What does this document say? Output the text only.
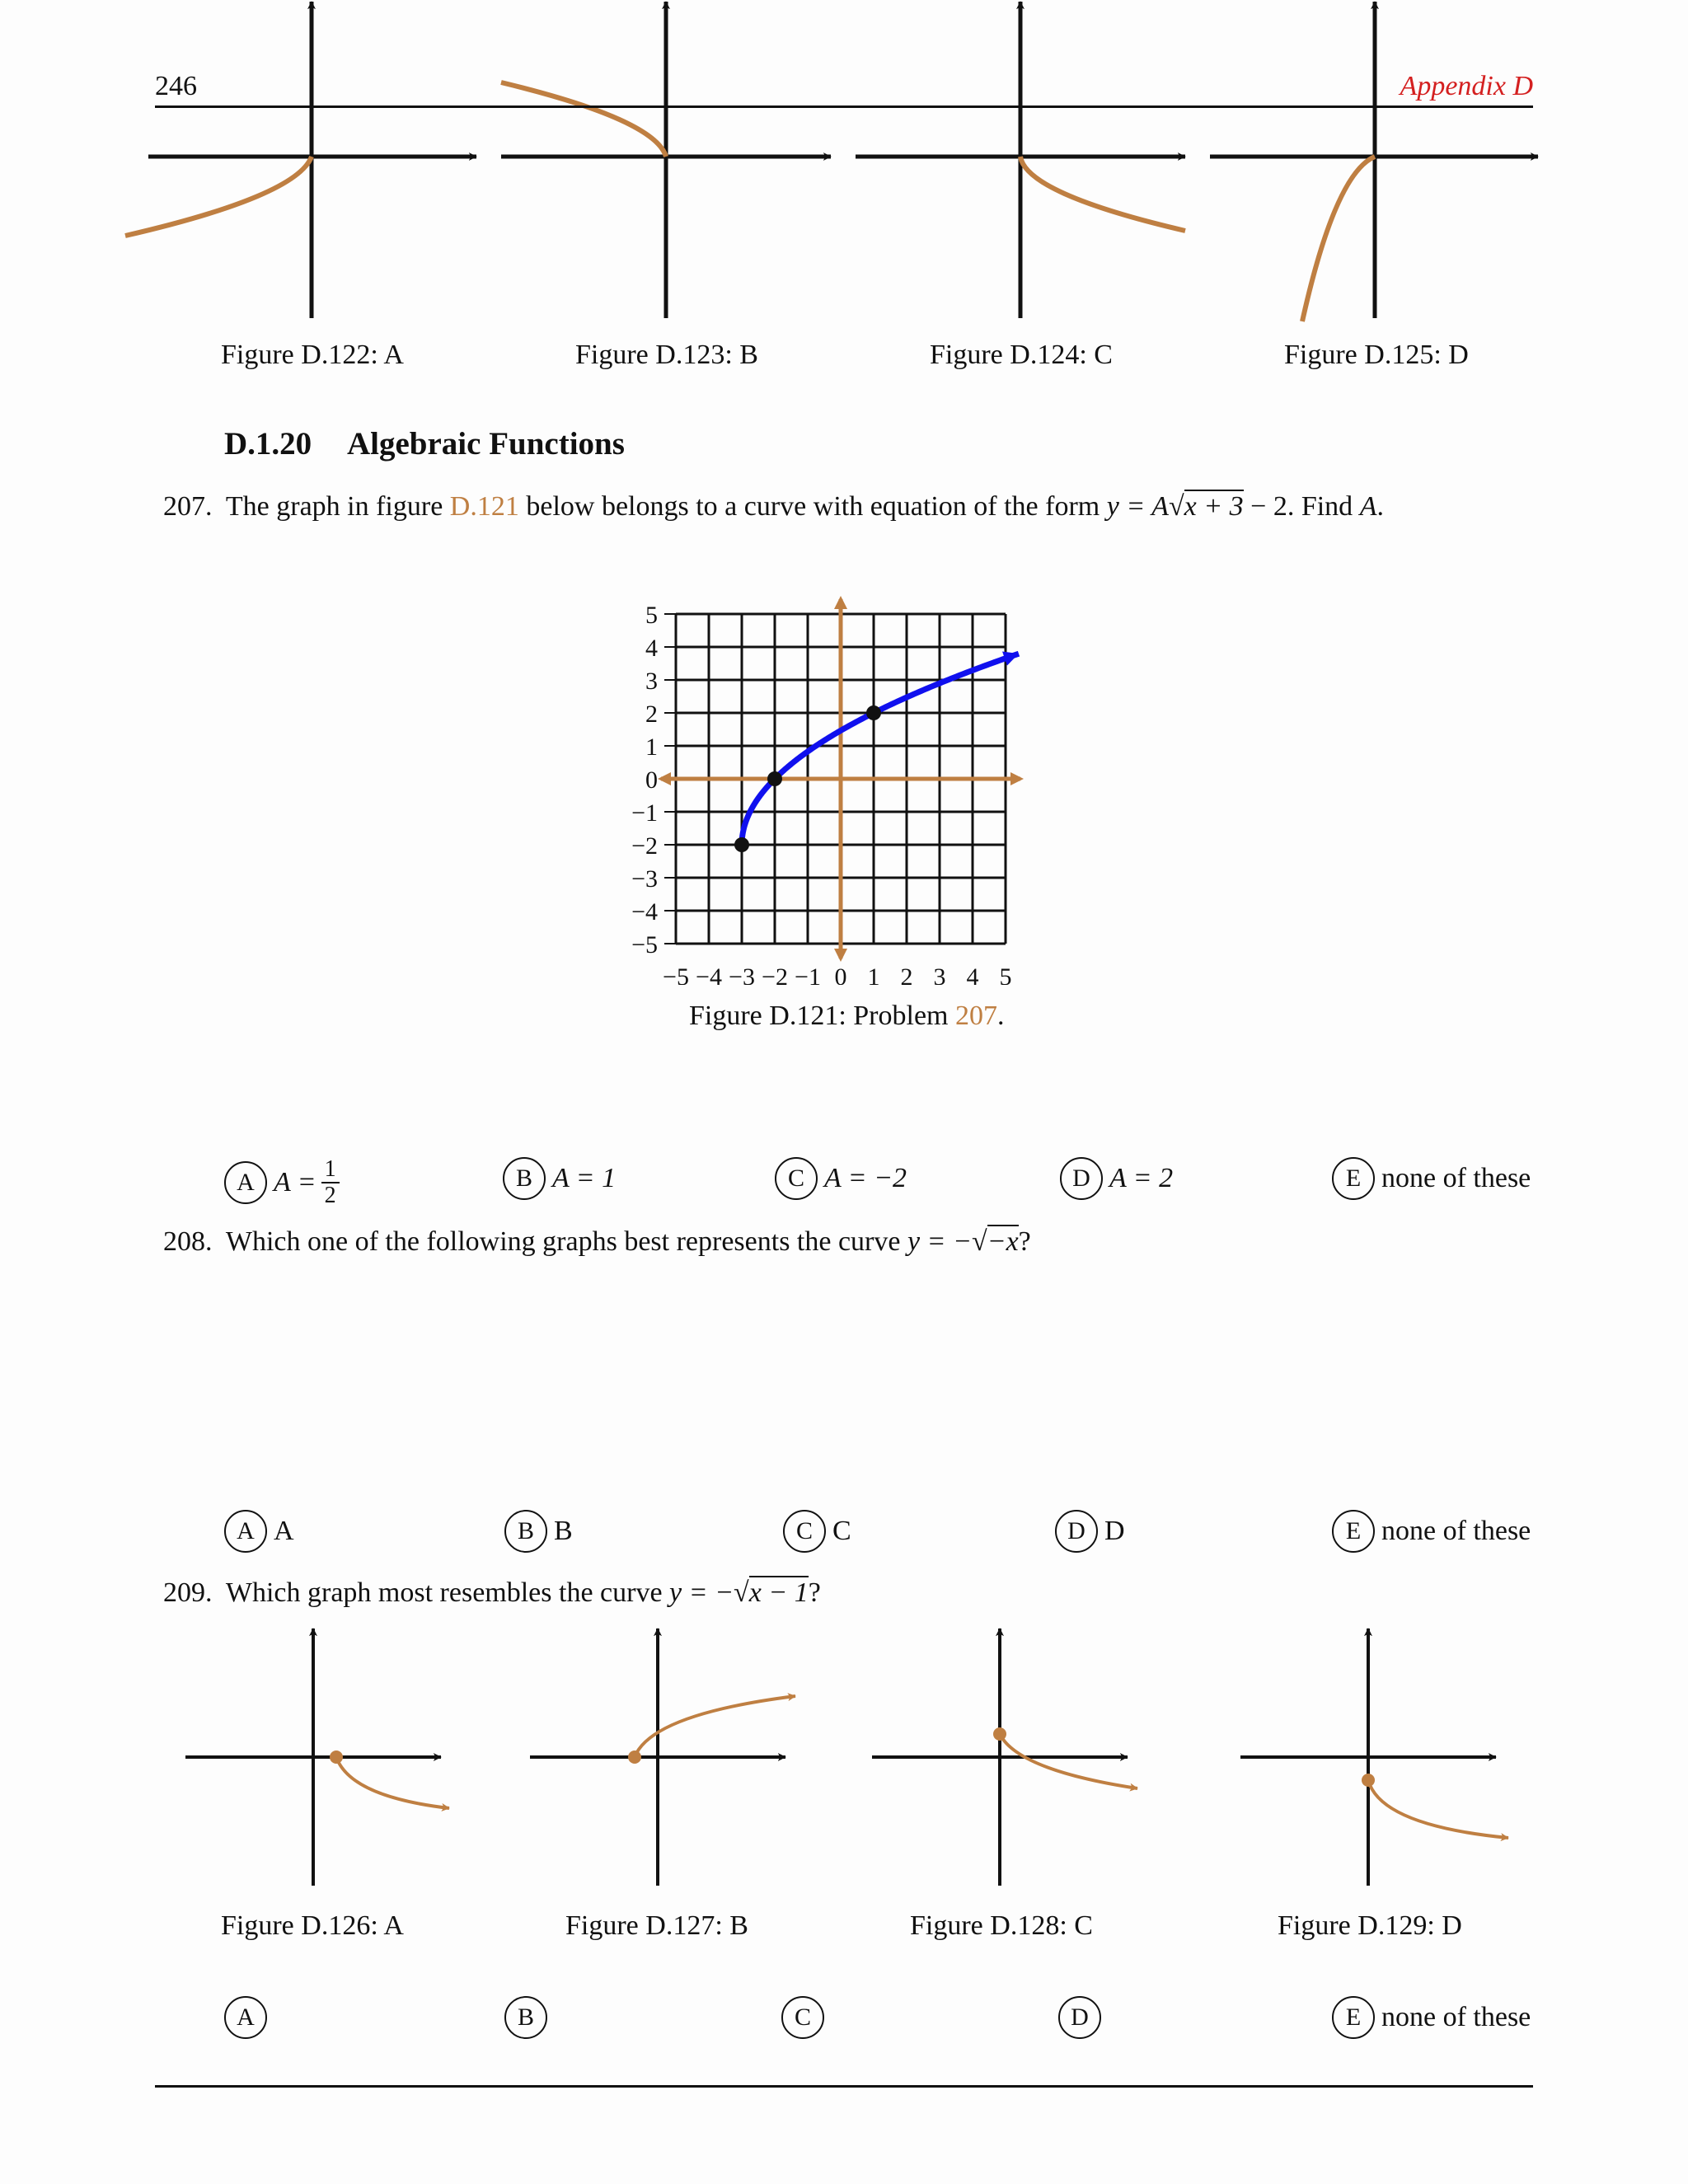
246	Appendix D
Figure D.122: A	Figure D.123: B	Figure D.124: C	Figure D.125: D
D.1.20 Algebraic Functions
207. The graph in figure D.121 below belongs to a curve with equation of the form y = A√x + 3 − 2. Find A.
5
4
3
2
1
0
−1
−2
−3
−4
−5
−5 −4 −3 −2 −1 0 1 2 3 4 5
Figure D.121: Problem 207.
A $A = \frac{1}{2}$	B A = 1	C A = −2	D A = 2	E none of these
208. Which one of the following graphs best represents the curve y = −√−x?
A A	B B	C C	D D	E none of these
209. Which graph most resembles the curve y = −√x − 1?
Figure D.126: A	Figure D.127: B	Figure D.128: C	Figure D.129: D
A	B	C	D	E none of these
